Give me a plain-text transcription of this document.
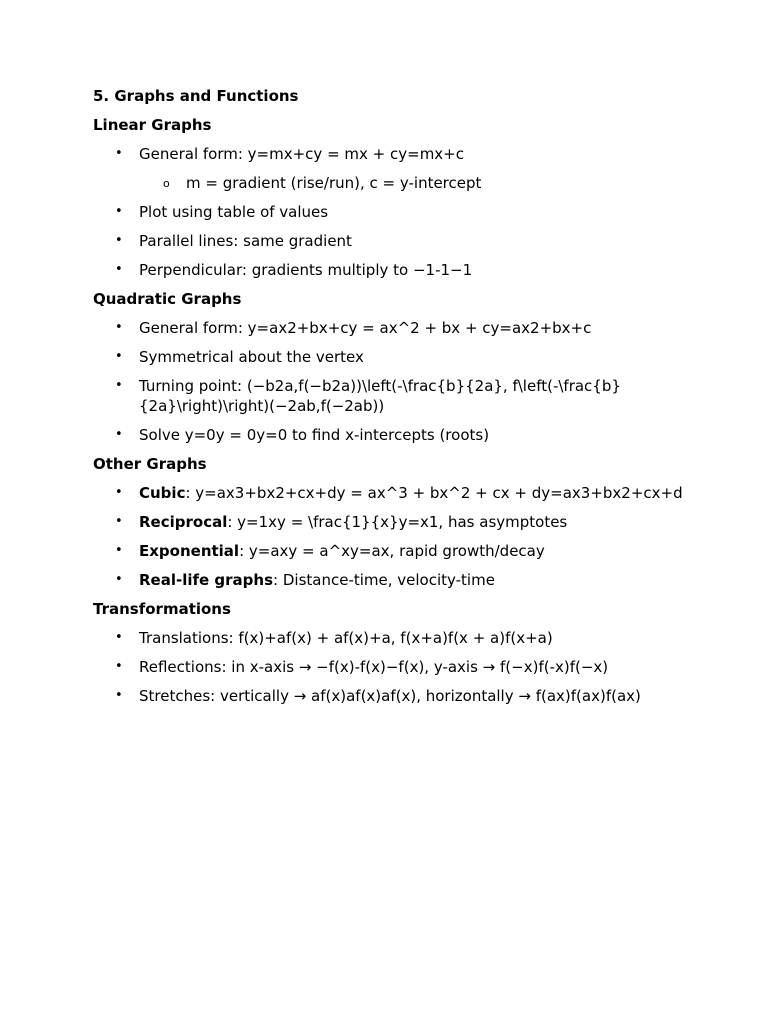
5. Graphs and Functions

Linear Graphs

• General form: y=mx+cy = mx + cy=mx+c
o m = gradient (rise/run), c = y-intercept
• Plot using table of values
• Parallel lines: same gradient
• Perpendicular: gradients multiply to −1-1−1

Quadratic Graphs

• General form: y=ax2+bx+cy = ax^2 + bx + cy=ax2+bx+c
• Symmetrical about the vertex
• Turning point: (−b2a,f(−b2a))\left(-\frac{b}{2a}, f\left(-\frac{b}{2a}\right)\right)(−2ab,f(−2ab))
• Solve y=0y = 0y=0 to find x-intercepts (roots)

Other Graphs

• Cubic: y=ax3+bx2+cx+dy = ax^3 + bx^2 + cx + dy=ax3+bx2+cx+d
• Reciprocal: y=1xy = \frac{1}{x}y=x1, has asymptotes
• Exponential: y=axy = a^xy=ax, rapid growth/decay
• Real-life graphs: Distance-time, velocity-time

Transformations

• Translations: f(x)+af(x) + af(x)+a, f(x+a)f(x + a)f(x+a)
• Reflections: in x-axis → −f(x)-f(x)−f(x), y-axis → f(−x)f(-x)f(−x)
• Stretches: vertically → af(x)af(x)af(x), horizontally → f(ax)f(ax)f(ax)
